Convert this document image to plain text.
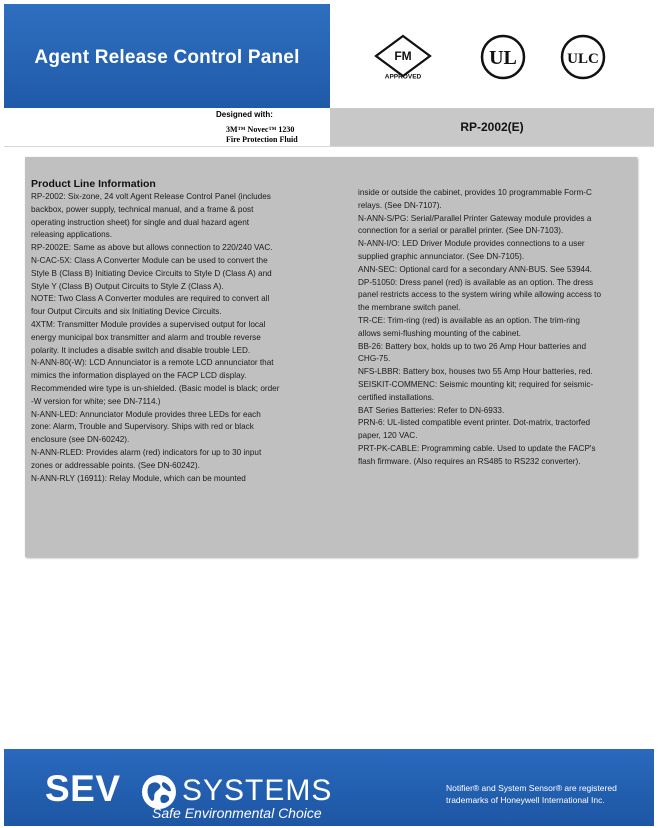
Agent Release Control Panel	FM
APPROVED
UL	ULC
Designed with:
3M™ Novec™ 1230
Fire Protection Fluid
RP-2002(E)
Product Line Information

RP-2002: Six-zone, 24 volt Agent Release Control Panel (includes backbox, power supply, technical manual, and a frame & post operating instruction sheet) for single and dual hazard agent releasing applications.

RP-2002E: Same as above but allows connection to 220/240 VAC.

N-CAC-5X: Class A Converter Module can be used to convert the Style B (Class B) Initiating Device Circuits to Style D (Class A) and Style Y (Class B) Output Circuits to Style Z (Class A).

NOTE: Two Class A Converter modules are required to convert all four Output Circuits and six Initiating Device Circuits.

4XTM: Transmitter Module provides a supervised output for local energy municipal box transmitter and alarm and trouble reverse polarity. It includes a disable switch and disable trouble LED.

N-ANN-80(-W): LCD Annunciator is a remote LCD annunciator that mimics the information displayed on the FACP LCD display. Recommended wire type is un-shielded. (Basic model is black; order -W version for white; see DN-7114.)

N-ANN-LED: Annunciator Module provides three LEDs for each zone: Alarm, Trouble and Supervisory. Ships with red or black enclosure (see DN-60242).

N-ANN-RLED: Provides alarm (red) indicators for up to 30 input zones or addressable points. (See DN-60242).

N-ANN-RLY (16911): Relay Module, which can be mounted

inside or outside the cabinet, provides 10 programmable Form-C relays. (See DN-7107).

N-ANN-S/PG: Serial/Parallel Printer Gateway module provides a connection for a serial or parallel printer. (See DN-7103).

N-ANN-I/O: LED Driver Module provides connections to a user supplied graphic annunciator. (See DN-7105).

ANN-SEC: Optional card for a secondary ANN-BUS. See 53944.

DP-51050: Dress panel (red) is available as an option. The dress panel restricts access to the system wiring while allowing access to the membrane switch panel.

TR-CE: Trim-ring (red) is available as an option. The trim-ring allows semi-flushing mounting of the cabinet.

BB-26: Battery box, holds up to two 26 Amp Hour batteries and CHG-75.

NFS-LBBR: Battery box, houses two 55 Amp Hour batteries, red.

SEISKIT-COMMENC: Seismic mounting kit; required for seismic-certified installations.

BAT Series Batteries: Refer to DN-6933.

PRN-6: UL-listed compatible event printer. Dot-matrix, tractorfed paper, 120 VAC.

PRT-PK-CABLE: Programming cable. Used to update the FACP's flash firmware. (Also requires an RS485 to RS232 converter).

SEV SYSTEMS
Safe Environmental Choice
Notifier® and System Sensor® are registered trademarks of Honeywell International Inc.
